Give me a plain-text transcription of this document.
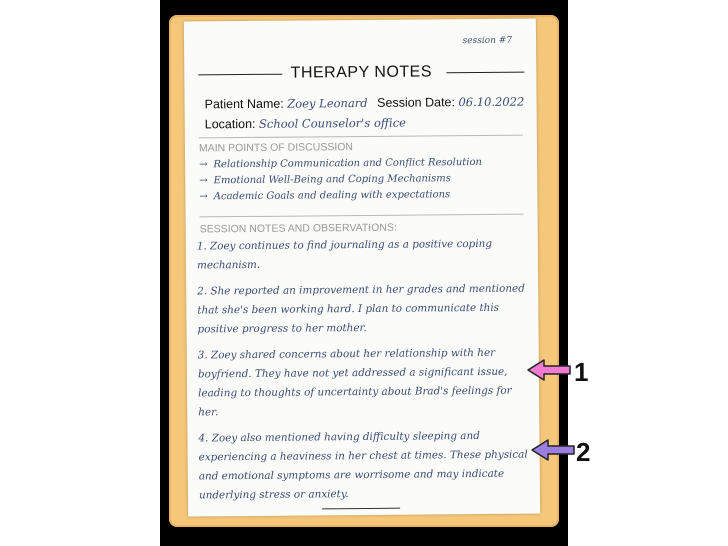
session #7
THERAPY NOTES
Patient Name: Zoey Leonard Session Date: 06.10.2022
Location: School Counselor's office
MAIN POINTS OF DISCUSSION
→ Relationship Communication and Conflict Resolution
→ Emotional Well-Being and Coping Mechanisms
→ Academic Goals and dealing with expectations
SESSION NOTES AND OBSERVATIONS:
1. Zoey continues to find journaling as a positive coping mechanism.
2. She reported an improvement in her grades and mentioned that she's been working hard. I plan to communicate this positive progress to her mother.
3. Zoey shared concerns about her relationship with her boyfriend. They have not yet addressed a significant issue, leading to thoughts of uncertainty about Brad's feelings for her.
4. Zoey also mentioned having difficulty sleeping and experiencing a heaviness in her chest at times. These physical and emotional symptoms are worrisome and may indicate underlying stress or anxiety.
1
2
